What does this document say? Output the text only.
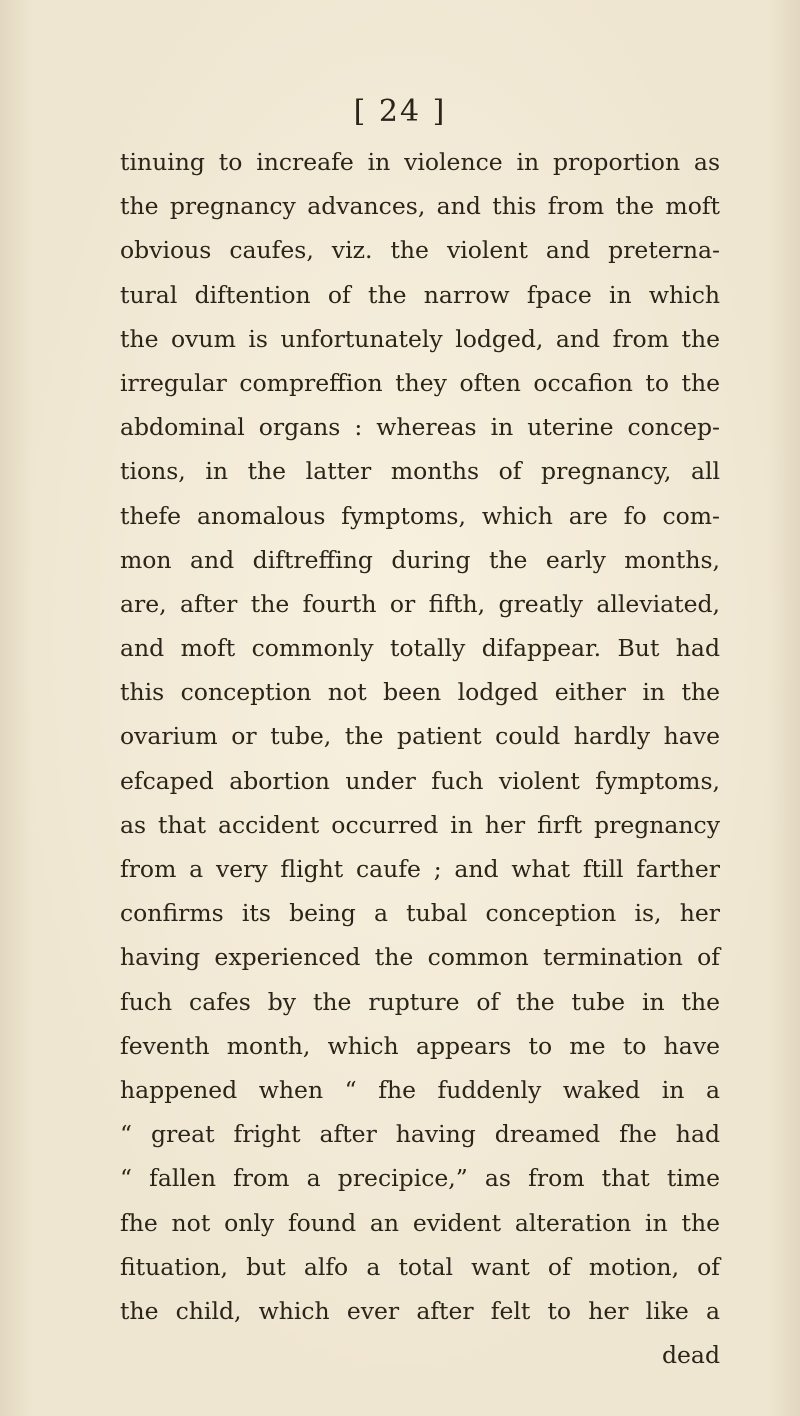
[ 24 ]
tinuing to increafe in violence in proportion as
the pregnancy advances, and this from the moft
obvious caufes, viz. the violent and preterna-
tural diftention of the narrow fpace in which
the ovum is unfortunately lodged, and from the
irregular compreffion they often occafion to the
abdominal organs : whereas in uterine concep-
tions, in the latter months of pregnancy, all
thefe anomalous fymptoms, which are fo com-
mon and diftreffing during the early months,
are, after the fourth or fifth, greatly alleviated,
and moft commonly totally difappear. But had
this conception not been lodged either in the
ovarium or tube, the patient could hardly have
efcaped abortion under fuch violent fymptoms,
as that accident occurred in her firft pregnancy
from a very flight caufe ; and what ftill farther
confirms its being a tubal conception is, her
having experienced the common termination of
fuch cafes by the rupture of the tube in the
feventh month, which appears to me to have
happened when “ fhe fuddenly waked in a
“ great fright after having dreamed fhe had
“ fallen from a precipice,” as from that time
fhe not only found an evident alteration in the
fituation, but alfo a total want of motion, of
the child, which ever after felt to her like a
dead
